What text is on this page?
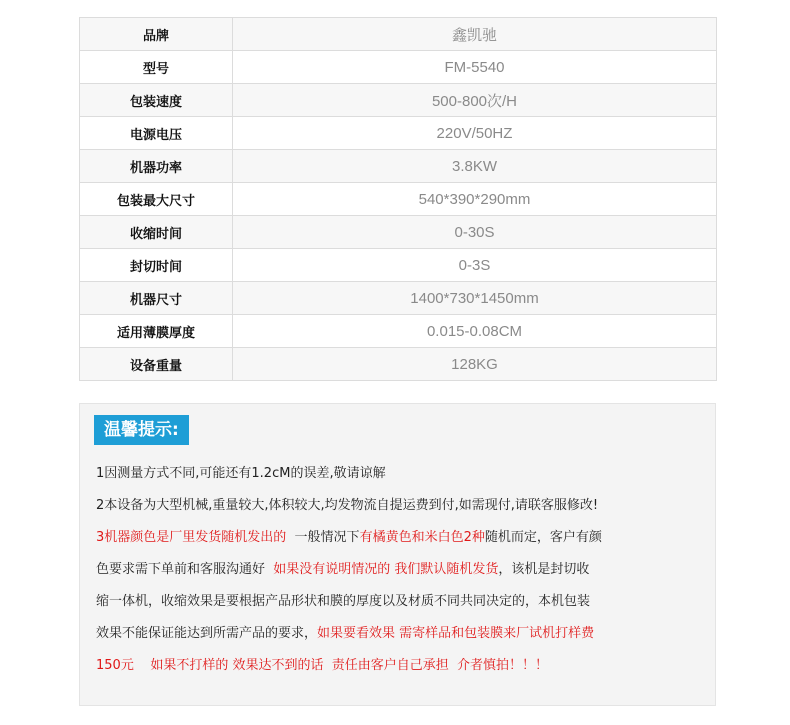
品牌	鑫凯驰
型号	FM-5540
包装速度	500-800次/H
电源电压	220V/50HZ
机器功率	3.8KW
包装最大尺寸	540*390*290mm
收缩时间	0-30S
封切时间	0-3S
机器尺寸	1400*730*1450mm
适用薄膜厚度	0.015-0.08CM
设备重量	128KG
温馨提示:
1因测量方式不同,可能还有1.2cM的误差,敬请谅解
2本设备为大型机械,重量较大,体积较大,均发物流自提运费到付,如需现付,请联客服修改!
3机器颜色是厂里发货随机发出的 一般情况下有橘黄色和米白色2种随机而定，客户有颜
色要求需下单前和客服沟通好 如果没有说明情况的 我们默认随机发货，该机是封切收
缩一体机，收缩效果是要根据产品形状和膜的厚度以及材质不同共同决定的，本机包装
效果不能保证能达到所需产品的要求，如果要看效果 需寄样品和包装膜来厂试机打样费
150元    如果不打样的 效果达不到的话  责任由客户自己承担  介者慎拍！！！
